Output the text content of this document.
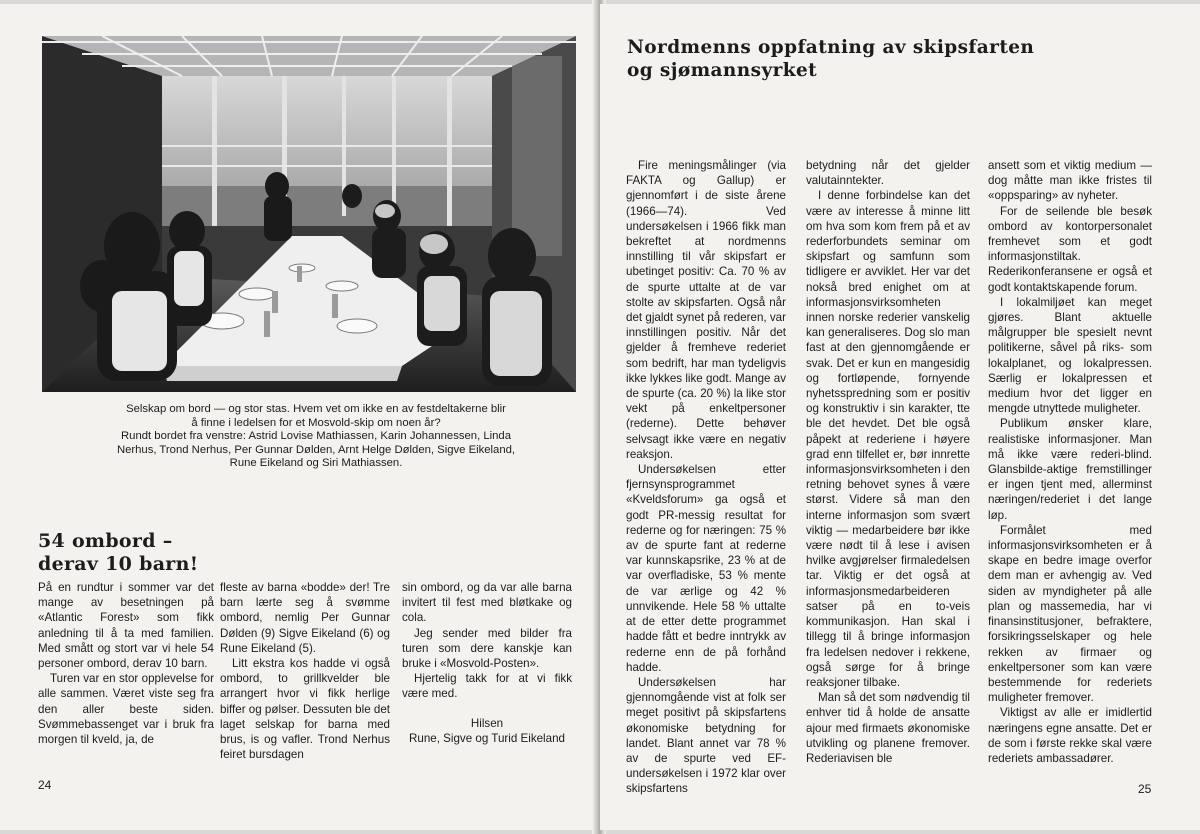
Selskap om bord — og stor stas. Hvem vet om ikke en av festdeltakerne blir

å finne i ledelsen for et Mosvold-skip om noen år?

Rundt bordet fra venstre: Astrid Lovise Mathiassen, Karin Johannessen, Linda

Nerhus, Trond Nerhus, Per Gunnar Dølden, Arnt Helge Dølden, Sigve Eikeland,

Rune Eikeland og Siri Mathiassen.

54 ombord –
derav 10 barn!

På en rundtur i sommer var det mange av besetningen på «Atlantic Forest» som fikk anledning til å ta med familien. Med smått og stort var vi hele 54 personer ombord, derav 10 barn.

Turen var en stor opplevelse for alle sammen. Været viste seg fra den aller beste siden. Svømmebassenget var i bruk fra morgen til kveld, ja, de

fleste av barna «bodde» der! Tre barn lærte seg å svømme ombord, nemlig Per Gunnar Dølden (9) Sigve Eikeland (6) og Rune Eikeland (5).

Litt ekstra kos hadde vi også ombord, to grillkvelder ble arrangert hvor vi fikk herlige biffer og pølser. Dessuten ble det laget selskap for barna med brus, is og vafler. Trond Nerhus feiret bursdagen

sin ombord, og da var alle barna invitert til fest med bløtkake og cola.

Jeg sender med bilder fra turen som dere kanskje kan bruke i «Mosvold-Posten».

Hjertelig takk for at vi fikk være med.

Hilsen

Rune, Sigve og Turid Eikeland

24	25
Nordmenns oppfatning av skipsfarten
og sjømannsyrket

Fire meningsmålinger (via FAKTA og Gallup) er gjennomført i de siste årene (1966—74). Ved undersøkelsen i 1966 fikk man bekreftet at nordmenns innstilling til vår skipsfart er ubetinget positiv: Ca. 70 % av de spurte uttalte at de var stolte av skipsfarten. Også når det gjaldt synet på rederen, var innstillingen positiv. Når det gjelder å fremheve rederiet som bedrift, har man tydeligvis ikke lykkes like godt. Mange av de spurte (ca. 20 %) la like stor vekt på enkeltpersoner (rederne). Dette behøver selvsagt ikke være en negativ reaksjon.

Undersøkelsen etter fjernsynsprogrammet «Kveldsforum» ga også et godt PR-messig resultat for rederne og for næringen: 75 % av de spurte fant at rederne var kunnskapsrike, 23 % at de var overfladiske, 53 % mente de var ærlige og 42 % unnvikende. Hele 58 % uttalte at de etter dette programmet hadde fått et bedre inntrykk av rederne enn de på forhånd hadde.

Undersøkelsen har gjennomgående vist at folk ser meget positivt på skipsfartens økonomiske betydning for landet. Blant annet var 78 % av de spurte ved EF-undersøkelsen i 1972 klar over skipsfartens

betydning når det gjelder valutainntekter.

I denne forbindelse kan det være av interesse å minne litt om hva som kom frem på et av rederforbundets seminar om skipsfart og samfunn som tidligere er avviklet. Her var det nokså bred enighet om at informasjonsvirksomheten innen norske rederier vanskelig kan generaliseres. Dog slo man fast at den gjennomgående er svak. Det er kun en mangesidig og fortløpende, fornyende nyhetsspredning som er positiv og konstruktiv i sin karakter, tte ble det hevdet. Det ble også påpekt at rederiene i høyere grad enn tilfellet er, bør innrette informasjonsvirksomheten i den retning behovet synes å være størst. Videre så man den interne informasjon som svært viktig — medarbeidere bør ikke være nødt til å lese i avisen hvilke avgjørelser firmaledelsen tar. Viktig er det også at informasjonsmedarbeideren satser på en to-veis kommunikasjon. Han skal i tillegg til å bringe informasjon fra ledelsen nedover i rekkene, også sørge for å bringe reaksjoner tilbake.

Man så det som nødvendig til enhver tid å holde de ansatte ajour med firmaets økonomiske utvikling og planene fremover. Rederiavisen ble

ansett som et viktig medium — dog måtte man ikke fristes til «oppsparing» av nyheter.

For de seilende ble besøk ombord av kontorpersonalet fremhevet som et godt informasjonstiltak. Rederikonferansene er også et godt kontaktskapende forum.

I lokalmiljøet kan meget gjøres. Blant aktuelle målgrupper ble spesielt nevnt politikerne, såvel på riks- som lokalplanet, og lokalpressen. Særlig er lokalpressen et medium hvor det ligger en mengde utnyttede muligheter.

Publikum ønsker klare, realistiske informasjoner. Man må ikke være rederi-blind. Glansbilde-aktige fremstillinger er ingen tjent med, allerminst næringen/rederiet i det lange løp.

Formålet med informasjonsvirksomheten er å skape en bedre image overfor dem man er avhengig av. Ved siden av myndigheter på alle plan og massemedia, har vi finansinstitusjoner, befraktere, forsikringsselskaper og hele rekken av firmaer og enkeltpersoner som kan være bestemmende for rederiets muligheter fremover.

Viktigst av alle er imidlertid næringens egne ansatte. Det er de som i første rekke skal være rederiets ambassadører.
